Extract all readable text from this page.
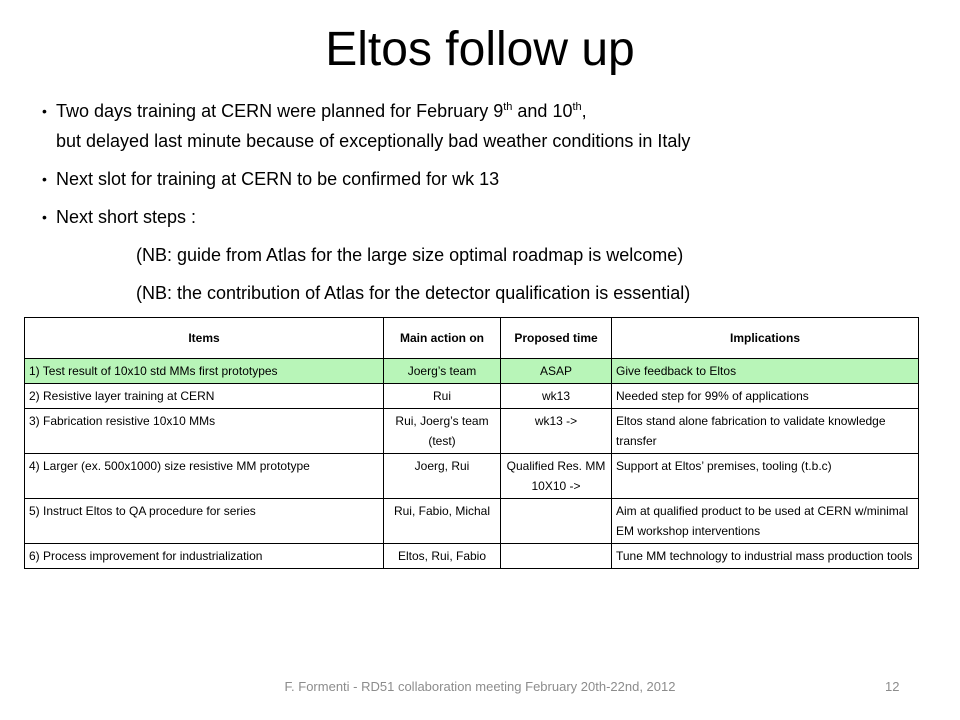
Eltos follow up
• Two days training at CERN were planned for February 9th and 10th,
but delayed last minute because of exceptionally bad weather conditions in Italy
• Next slot for training at CERN to be confirmed for wk 13
• Next short steps :
(NB: guide from Atlas for the large size optimal roadmap is welcome)
(NB: the contribution of Atlas for the detector qualification is essential)
Items	Main action on	Proposed time	Implications
1) Test result of 10x10 std MMs first prototypes	Joerg’s team	ASAP	Give feedback to Eltos
2) Resistive layer training at CERN	Rui	wk13	Needed step for 99% of applications
3) Fabrication resistive 10x10 MMs	Rui, Joerg’s team (test)	wk13 ->	Eltos stand alone fabrication to validate knowledge transfer
4) Larger (ex. 500x1000) size resistive MM prototype	Joerg, Rui	Qualified Res. MM 10X10 ->	Support at Eltos’ premises, tooling (t.b.c)
5) Instruct Eltos to QA procedure for series	Rui, Fabio, Michal		Aim at qualified product to be used at CERN w/minimal EM workshop interventions
6) Process improvement for industrialization	Eltos, Rui, Fabio		Tune MM technology to industrial mass production tools
F. Formenti - RD51 collaboration meeting February 20th-22nd, 2012	12
